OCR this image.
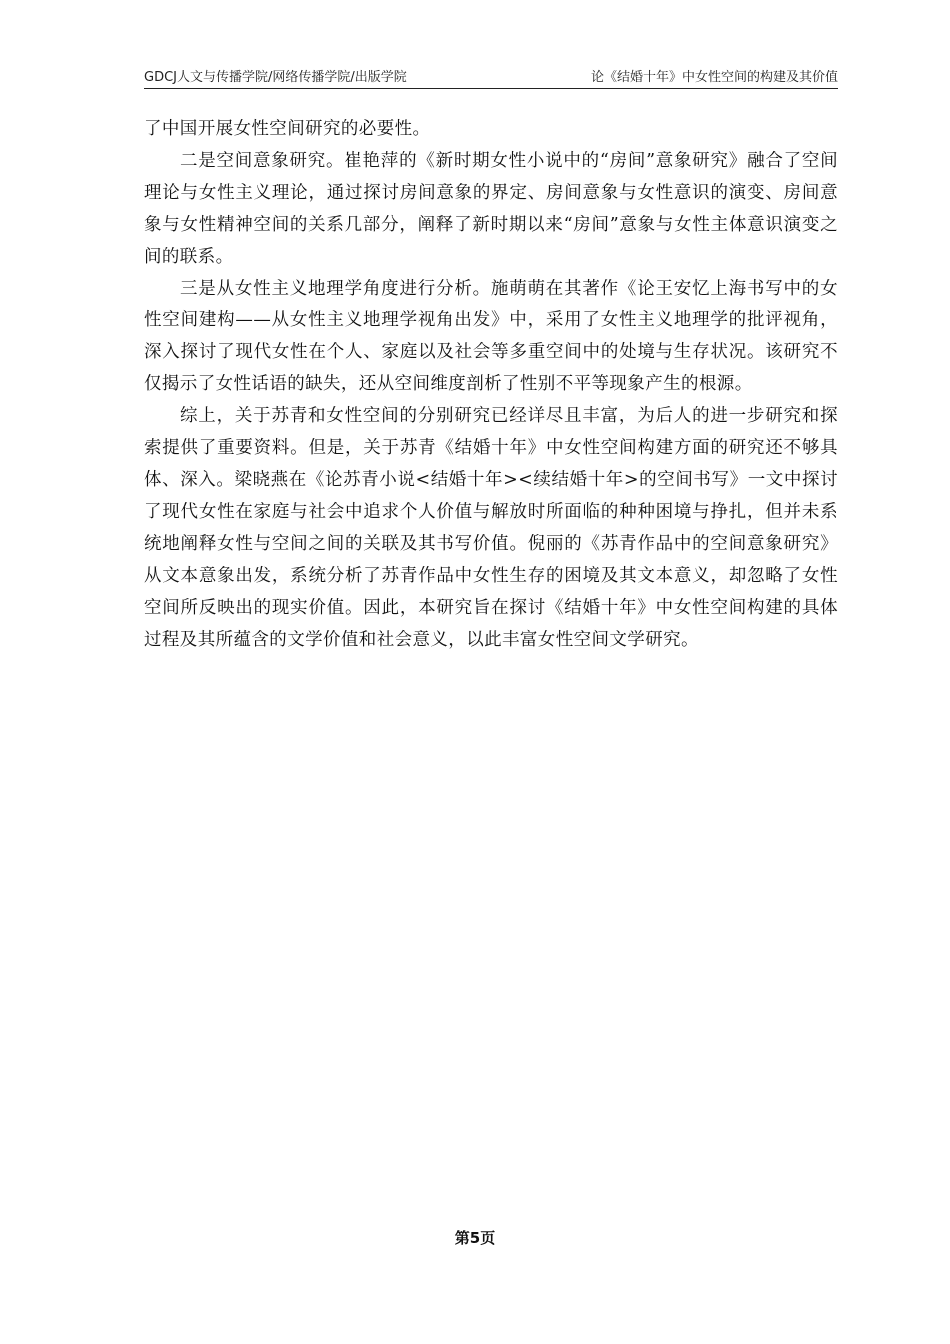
GDCJ人文与传播学院/网络传播学院/出版学院	论《结婚十年》中女性空间的构建及其价值

了中国开展女性空间研究的必要性。

二是空间意象研究。崔艳萍的《新时期女性小说中的“房间”意象研究》融合了空间理论与女性主义理论，通过探讨房间意象的界定、房间意象与女性意识的演变、房间意象与女性精神空间的关系几部分，阐释了新时期以来“房间”意象与女性主体意识演变之间的联系。

三是从女性主义地理学角度进行分析。施萌萌在其著作《论王安忆上海书写中的女性空间建构——从女性主义地理学视角出发》中，采用了女性主义地理学的批评视角，深入探讨了现代女性在个人、家庭以及社会等多重空间中的处境与生存状况。该研究不仅揭示了女性话语的缺失，还从空间维度剖析了性别不平等现象产生的根源。

综上，关于苏青和女性空间的分别研究已经详尽且丰富，为后人的进一步研究和探索提供了重要资料。但是，关于苏青《结婚十年》中女性空间构建方面的研究还不够具体、深入。梁晓燕在《论苏青小说<结婚十年><续结婚十年>的空间书写》一文中探讨了现代女性在家庭与社会中追求个人价值与解放时所面临的种种困境与挣扎，但并未系统地阐释女性与空间之间的关联及其书写价值。倪丽的《苏青作品中的空间意象研究》从文本意象出发，系统分析了苏青作品中女性生存的困境及其文本意义，却忽略了女性空间所反映出的现实价值。因此，本研究旨在探讨《结婚十年》中女性空间构建的具体过程及其所蕴含的文学价值和社会意义，以此丰富女性空间文学研究。

第5页
